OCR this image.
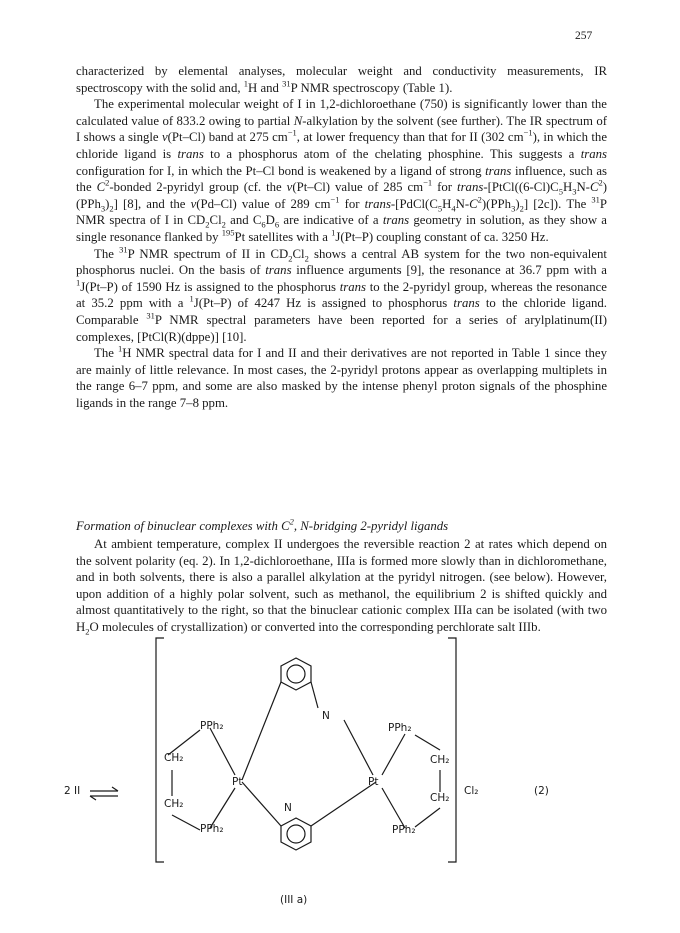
257

characterized by elemental analyses, molecular weight and conductivity measurements, IR spectroscopy with the solid and, $^1$H and $^{31}$P NMR spectroscopy (Table 1).

The experimental molecular weight of I in 1,2-dichloroethane (750) is significantly lower than the calculated value of 833.2 owing to partial N-alkylation by the solvent (see further). The IR spectrum of I shows a single ν(Pt–Cl) band at 275 $cm^{-1}$, at lower frequency than that for II (302 $cm^{-1}$), in which the chloride ligand is trans to a phosphorus atom of the chelating phosphine. This suggests a trans configuration for I, in which the Pt–Cl bond is weakened by a ligand of strong trans influence, such as the $C^2$-bonded 2-pyridyl group (cf. the ν(Pt–Cl) value of 285 $cm^{-1}$ for trans-$[PtCl((6-Cl)C_5H_3N-C^2)(PPh_3)_2]$ [8], and the ν(Pd–Cl) value of 289 $cm^{-1}$ for trans-$[PdCl(C_5H_4N-C^2)(PPh_3)_2]$ [2c]). The $^{31}$P NMR spectra of I in $CD_2Cl_2$ and $C_6D_6$ are indicative of a trans geometry in solution, as they show a single resonance flanked by $^{195}$Pt satellites with a $^1$J(Pt–P) coupling constant of ca. 3250 Hz.

The $^{31}$P NMR spectrum of II in $CD_2Cl_2$ shows a central AB system for the two non-equivalent phosphorus nuclei. On the basis of trans influence arguments [9], the resonance at 36.7 ppm with a $^1$J(Pt–P) of 1590 Hz is assigned to the phosphorus trans to the 2-pyridyl group, whereas the resonance at 35.2 ppm with a $^1$J(Pt–P) of 4247 Hz is assigned to phosphorus trans to the chloride ligand. Comparable $^{31}$P NMR spectral parameters have been reported for a series of arylplatinum(II) complexes, [PtCl(R)(dppe)] [10].

The $^1$H NMR spectral data for I and II and their derivatives are not reported in Table 1 since they are mainly of little relevance. In most cases, the 2-pyridyl protons appear as overlapping multiplets in the range 6–7 ppm, and some are also masked by the intense phenyl proton signals of the phosphine ligands in the range 7–8 ppm.

Formation of binuclear complexes with $C^2$, N-bridging 2-pyridyl ligands

At ambient temperature, complex II undergoes the reversible reaction 2 at rates which depend on the solvent polarity (eq. 2). In 1,2-dichloroethane, IIIa is formed more slowly than in dichloromethane, and in both solvents, there is also a parallel alkylation at the pyridyl nitrogen. (see below). However, upon addition of a highly polar solvent, such as methanol, the equilibrium 2 is shifted quickly and almost quantitatively to the right, so that the binuclear cationic complex IIIa can be isolated (with two $H_2O$ molecules of crystallization) or converted into the corresponding perchlorate salt IIIb.

2 II
PPh₂
CH₂
CH₂
PPh₂
Pt
N
Pt
N
PPh₂
CH₂
CH₂
PPh₂
Cl₂	(2)
(III a)
